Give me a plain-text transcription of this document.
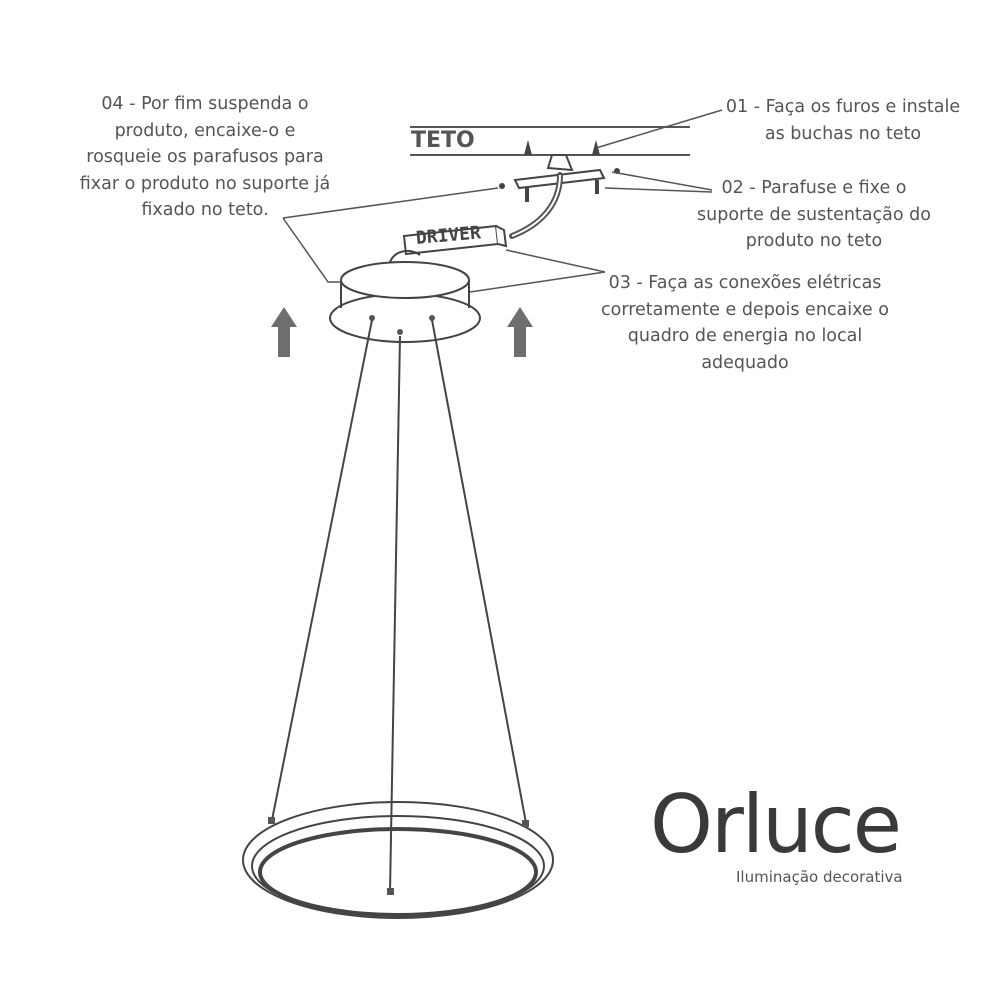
TETO
DRIVER
01 - Faça os furos e instale
as buchas no teto
02 - Parafuse e fixe o
suporte de sustentação do
produto no teto
03 - Faça as conexões elétricas
corretamente e depois encaixe o
quadro de energia no local
adequado
04 - Por fim suspenda o
produto, encaixe-o e
rosqueie os parafusos para
fixar o produto no suporte já
fixado no teto.
Orluce
Iluminação decorativa
